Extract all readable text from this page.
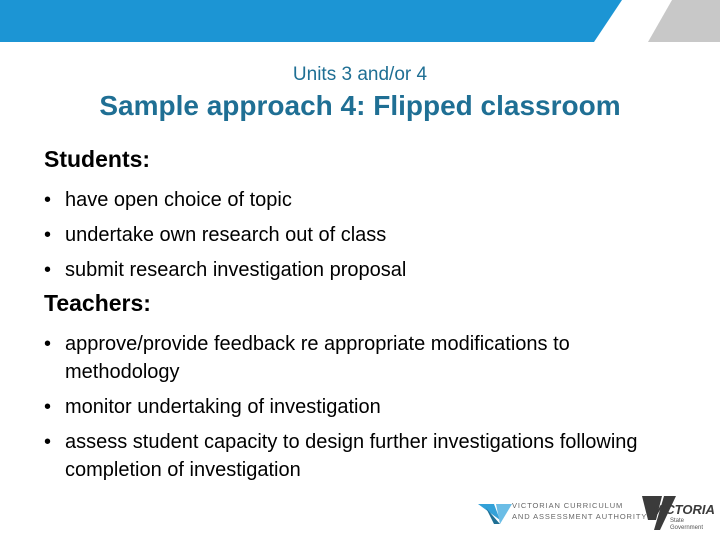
Units 3 and/or 4
Sample approach 4: Flipped classroom
Students:
• have open choice of topic
• undertake own research out of class
• submit research investigation proposal
Teachers:
• approve/provide feedback re appropriate modifications to methodology
• monitor undertaking of investigation
• assess student capacity to design further investigations following completion of investigation
VICTORIAN CURRICULUM
AND ASSESSMENT AUTHORITY VICTORIA
State
Government
